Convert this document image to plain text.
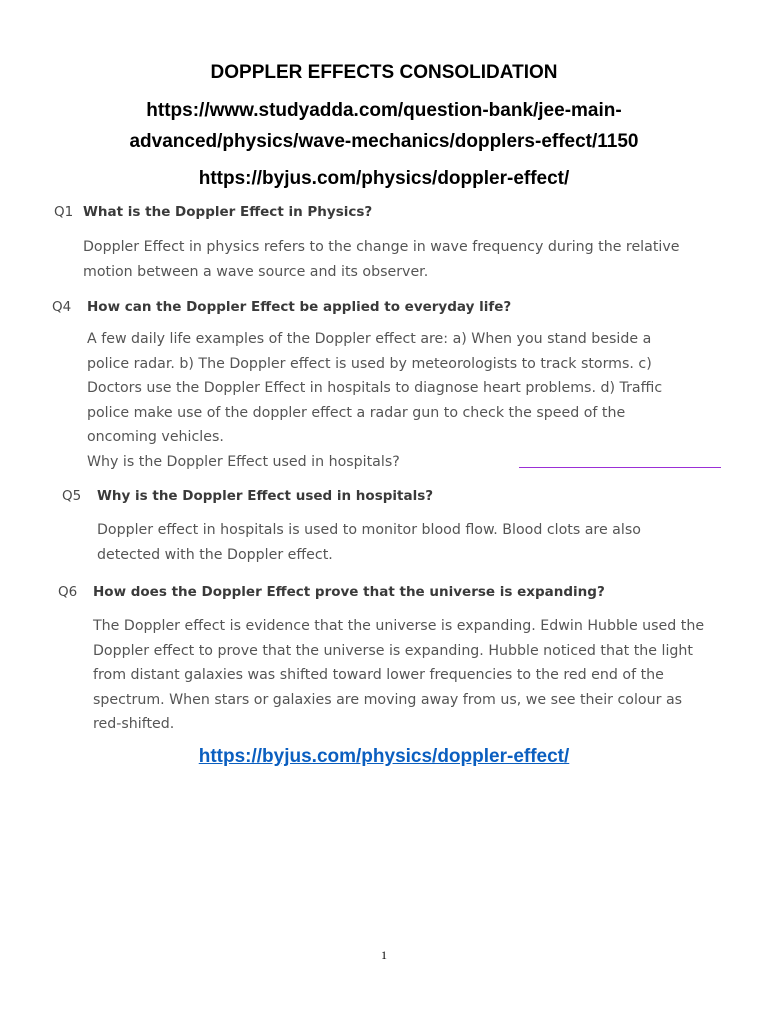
DOPPLER EFFECTS CONSOLIDATION
https://www.studyadda.com/question-bank/jee-main-
advanced/physics/wave-mechanics/dopplers-effect/1150
https://byjus.com/physics/doppler-effect/
Q1 What is the Doppler Effect in Physics?

Doppler Effect in physics refers to the change in wave frequency during the relative
motion between a wave source and its observer.

Q4 How can the Doppler Effect be applied to everyday life?

A few daily life examples of the Doppler effect are: a) When you stand beside a
police radar. b) The Doppler effect is used by meteorologists to track storms. c)
Doctors use the Doppler Effect in hospitals to diagnose heart problems. d) Traffic
police make use of the doppler effect a radar gun to check the speed of the
oncoming vehicles.
Why is the Doppler Effect used in hospitals?

Q5 Why is the Doppler Effect used in hospitals?

Doppler effect in hospitals is used to monitor blood flow. Blood clots are also
detected with the Doppler effect.

Q6 How does the Doppler Effect prove that the universe is expanding?

The Doppler effect is evidence that the universe is expanding. Edwin Hubble used the
Doppler effect to prove that the universe is expanding. Hubble noticed that the light
from distant galaxies was shifted toward lower frequencies to the red end of the
spectrum. When stars or galaxies are moving away from us, we see their colour as
red-shifted.

https://byjus.com/physics/doppler-effect/
1
